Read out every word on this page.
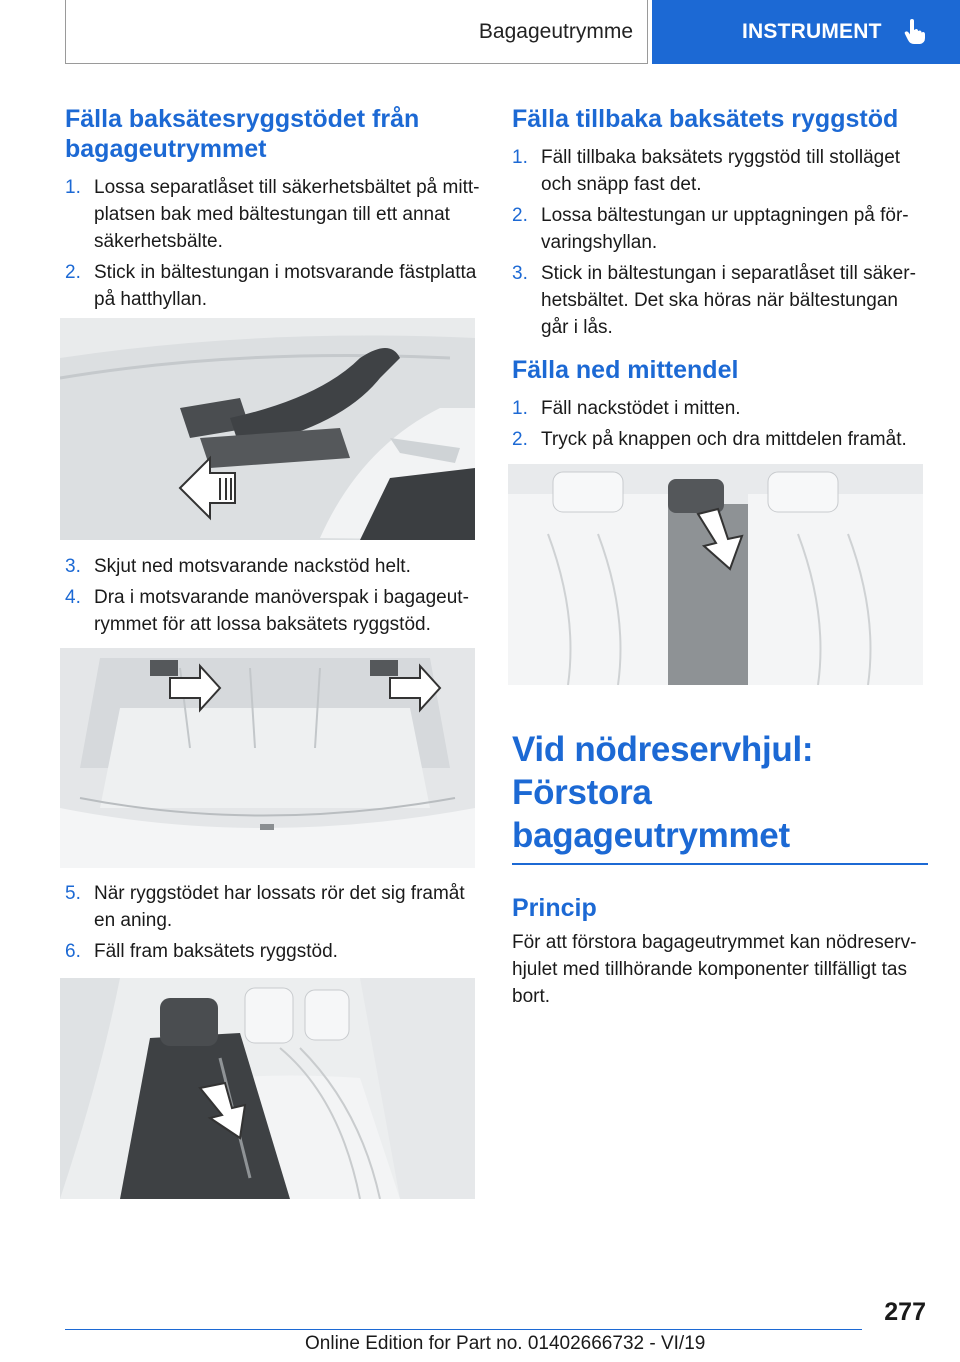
Bagageutrymme	INSTRUMENT
Fälla baksätesryggstödet från bagageutrymmet
1. Lossa separatlåset till säkerhetsbältet på mittplatsen bak med bältestungan till ett annat säkerhetsbälte.
2. Stick in bältestungan i motsvarande fästplatta på hatthyllan.
3. Skjut ned motsvarande nackstöd helt.
4. Dra i motsvarande manöverspak i bagageutrymmet för att lossa baksätets ryggstöd.
5. När ryggstödet har lossats rör det sig framåt en aning.
6. Fäll fram baksätets ryggstöd.
Fälla tillbaka baksätets ryggstöd
1. Fäll tillbaka baksätets ryggstöd till stolläget och snäpp fast det.
2. Lossa bältestungan ur upptagningen på förvaringshyllan.
3. Stick in bältestungan i separatlåset till säkerhetsbältet. Det ska höras när bältestungan går i lås.
Fälla ned mittendel
1. Fäll nackstödet i mitten.
2. Tryck på knappen och dra mittdelen framåt.
Vid nödreservhjul: Förstora bagageutrymmet
Princip

För att förstora bagageutrymmet kan nödreservhjulet med tillhörande komponenter tillfälligt tas bort.

277
Online Edition for Part no. 01402666732 - VI/19
